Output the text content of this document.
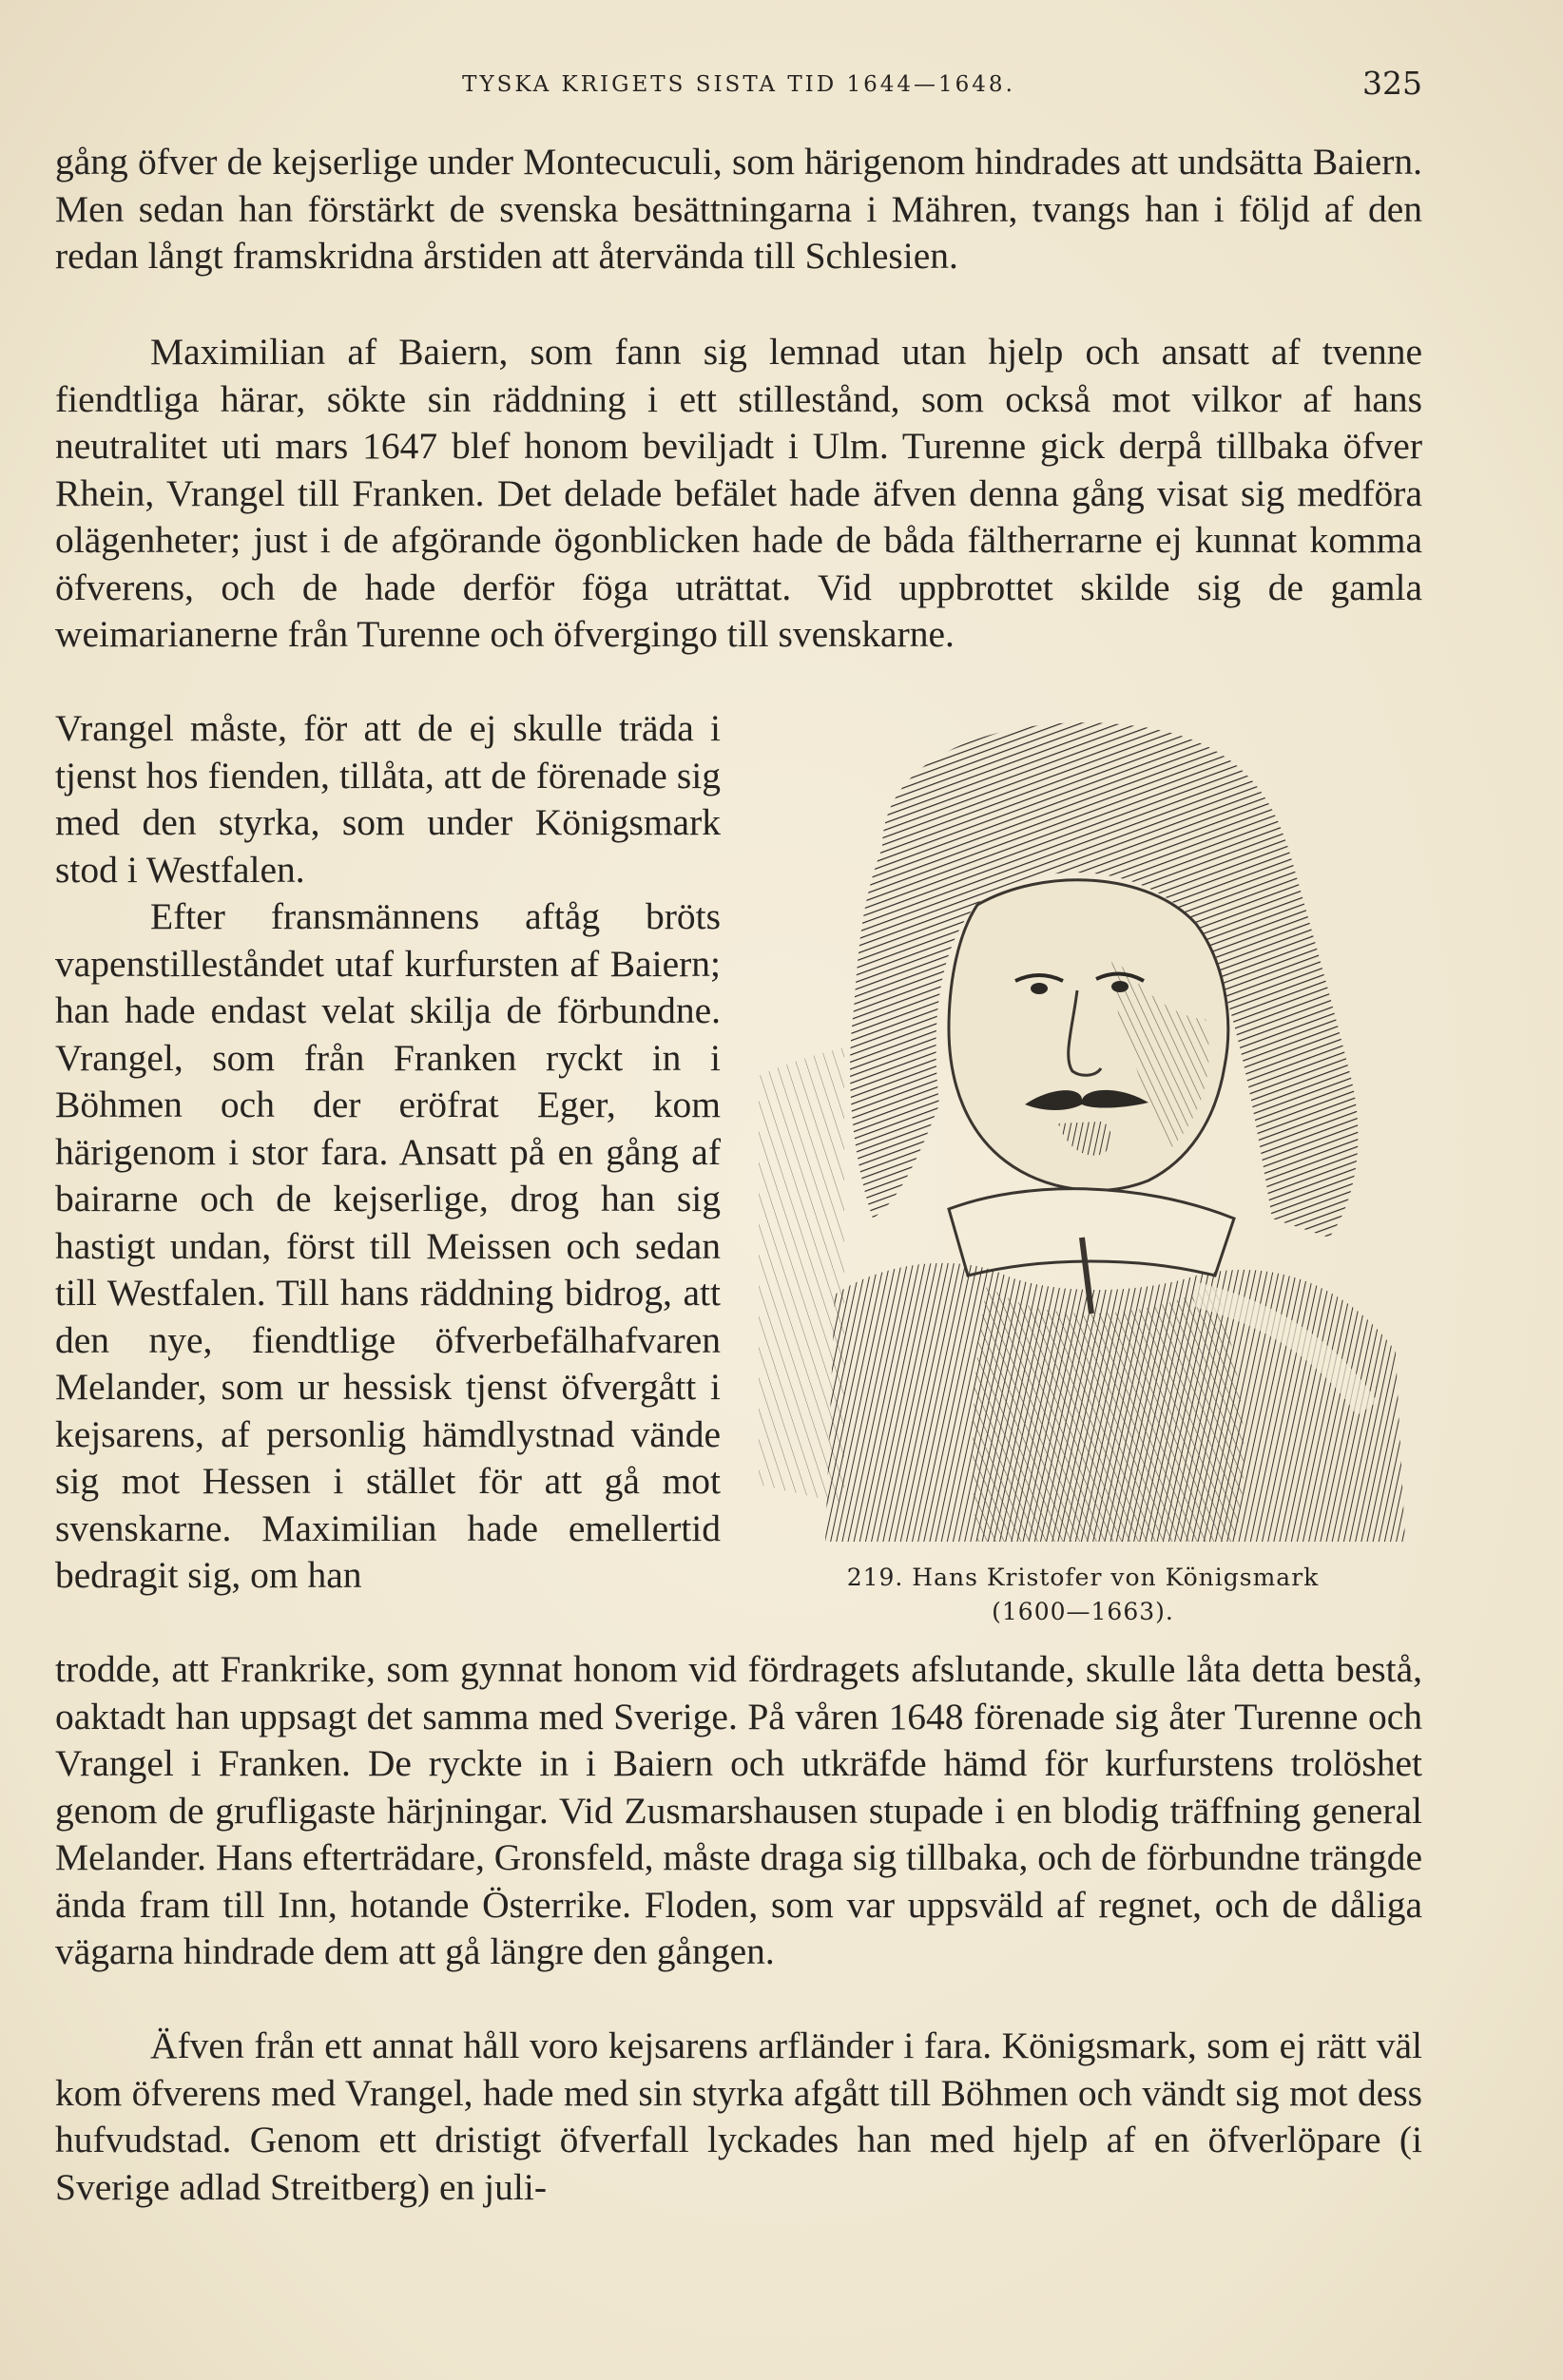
TYSKA KRIGETS SISTA TID 1644—1648.	325

gång öfver de kejserlige under Montecuculi, som härigenom hindrades att undsätta Baiern. Men sedan han förstärkt de svenska besättningarna i Mähren, tvangs han i följd af den redan långt framskridna årstiden att återvända till Schlesien.

Maximilian af Baiern, som fann sig lemnad utan hjelp och ansatt af tvenne fiendtliga härar, sökte sin räddning i ett stillestånd, som också mot vilkor af hans neutralitet uti mars 1647 blef honom beviljadt i Ulm. Turenne gick derpå tillbaka öfver Rhein, Vrangel till Franken. Det delade befälet hade äfven denna gång visat sig medföra olägenheter; just i de afgörande ögonblicken hade de båda fältherrarne ej kunnat komma öfverens, och de hade derför föga uträttat. Vid uppbrottet skilde sig de gamla weimarianerne från Turenne och öfvergingo till svenskarne.

Vrangel måste, för att de ej skulle träda i tjenst hos fienden, tillåta, att de förenade sig med den styrka, som under Königsmark stod i Westfalen.

Efter fransmännens aftåg bröts vapenstilleståndet utaf kurfursten af Baiern; han hade endast velat skilja de förbundne. Vrangel, som från Franken ryckt in i Böhmen och der eröfrat Eger, kom härigenom i stor fara. Ansatt på en gång af bairarne och de kejserlige, drog han sig hastigt undan, först till Meissen och sedan till Westfalen. Till hans räddning bidrog, att den nye, fiendtlige öfverbefälhafvaren Melander, som ur hessisk tjenst öfvergått i kejsarens, af personlig hämdlystnad vände sig mot Hessen i stället för att gå mot svenskarne. Maximilian hade emellertid bedragit sig, om han

trodde, att Frankrike, som gynnat honom vid fördragets afslutande, skulle låta detta bestå, oaktadt han uppsagt det samma med Sverige. På våren 1648 förenade sig åter Turenne och Vrangel i Franken. De ryckte in i Baiern och utkräfde hämd för kurfurstens trolöshet genom de grufligaste härjningar. Vid Zusmarshausen stupade i en blodig träffning general Melander. Hans efterträdare, Gronsfeld, måste draga sig tillbaka, och de förbundne trängde ända fram till Inn, hotande Österrike. Floden, som var uppsväld af regnet, och de dåliga vägarna hindrade dem att gå längre den gången.

Äfven från ett annat håll voro kejsarens arfländer i fara. Königsmark, som ej rätt väl kom öfverens med Vrangel, hade med sin styrka afgått till Böhmen och vändt sig mot dess hufvudstad. Genom ett dristigt öfverfall lyckades han med hjelp af en öfverlöpare (i Sverige adlad Streitberg) en juli-

219. Hans Kristofer von Königsmark
(1600—1663).
